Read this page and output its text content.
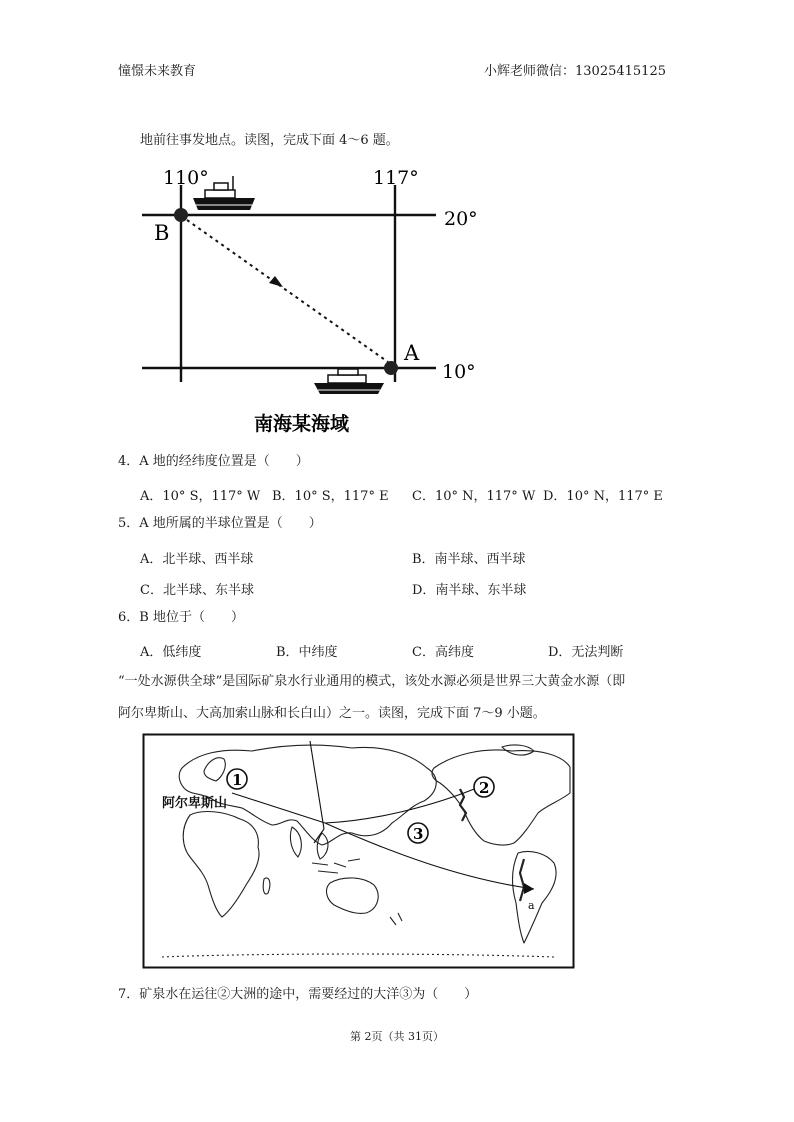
憧憬未来教育	小辉老师微信：13025415125
地前往事发地点。读图，完成下面 4～6 题。
110°	117°
20°
10°
B
A
南海某海域
4．A 地的经纬度位置是（　　）
A．10° S，117° W B．10° S，117° E C．10° N，117° W D．10° N，117° E
5．A 地所属的半球位置是（　　）
A．北半球、西半球	B．南半球、西半球
C．北半球、东半球	D．南半球、东半球
6．B 地位于（　　）
A．低纬度	B．中纬度	C．高纬度	D．无法判断
“一处水源供全球”是国际矿泉水行业通用的模式，该处水源必须是世界三大黄金水源（即
阿尔卑斯山、大高加索山脉和长白山）之一。读图，完成下面 7～9 小题。
1	2
3
阿尔卑斯山
a
7．矿泉水在运往②大洲的途中，需要经过的大洋③为（　　）
第 2页（共 31页）
